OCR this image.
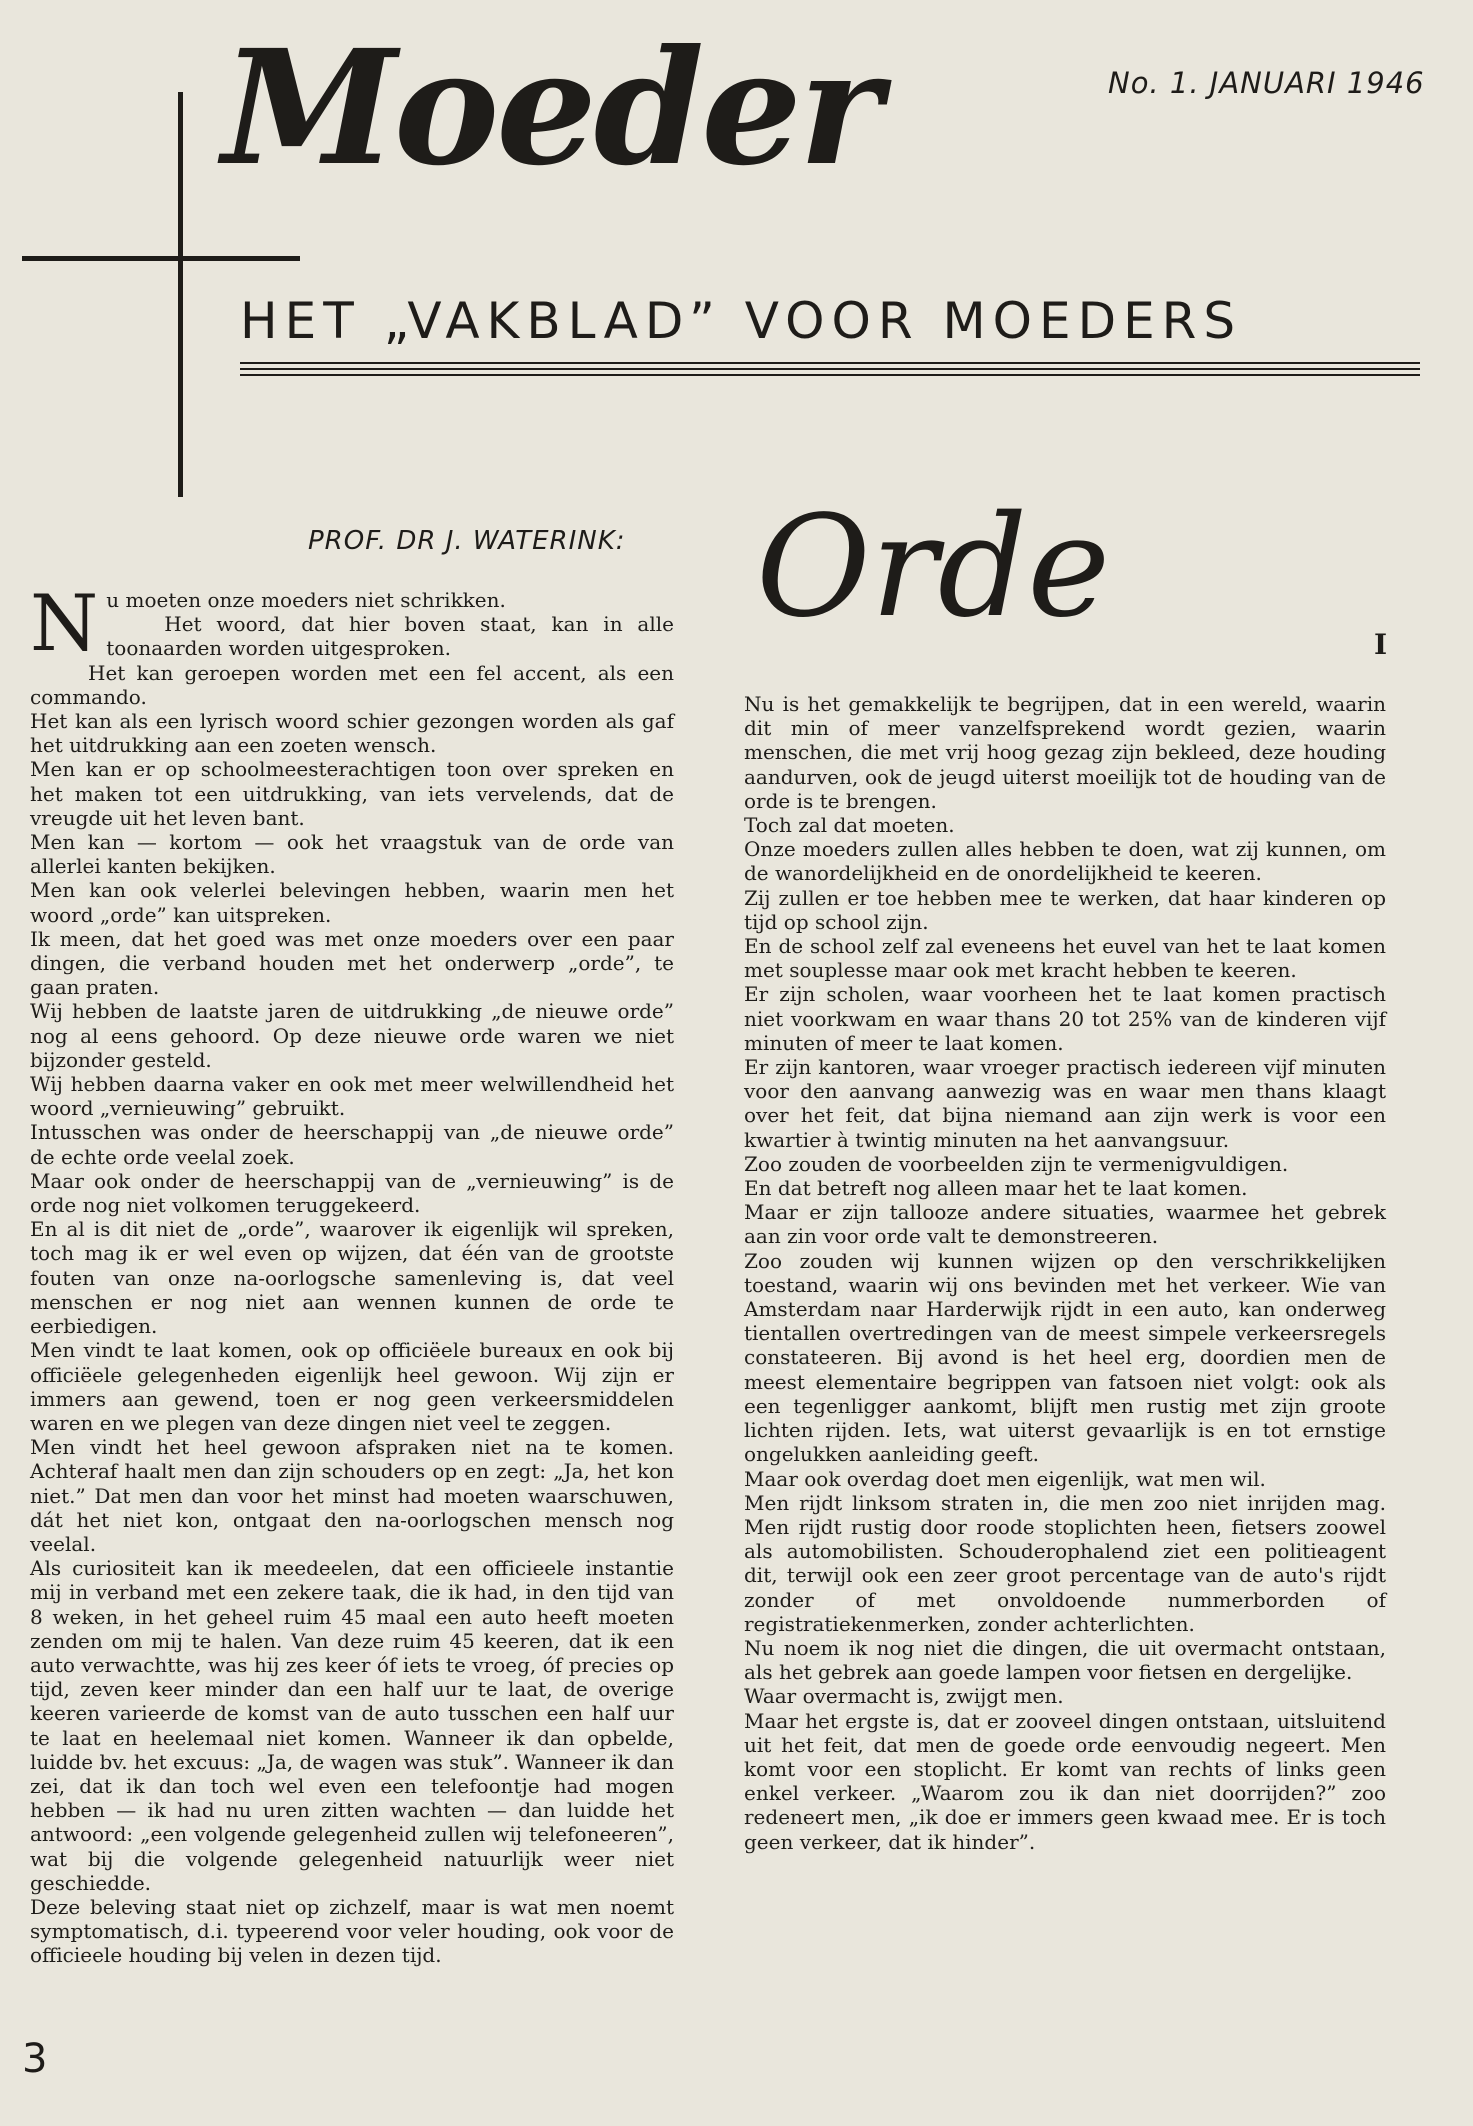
Moeder	No. 1. JANUARI 1946
HET „VAKBLAD” VOOR MOEDERS
PROF. DR J. WATERINK: Orde	I
N u moeten onze moeders niet schrikken.

Het woord, dat hier boven staat, kan in alle toonaarden worden uitgesproken.

Het kan geroepen worden met een fel accent, als een commando.

Het kan als een lyrisch woord schier gezongen worden als gaf het uitdrukking aan een zoeten wensch.

Men kan er op schoolmeesterachtigen toon over spreken en het maken tot een uitdrukking, van iets vervelends, dat de vreugde uit het leven bant.

Men kan — kortom — ook het vraagstuk van de orde van allerlei kanten bekijken.

Men kan ook velerlei belevingen hebben, waarin men het woord „orde” kan uitspreken.

Ik meen, dat het goed was met onze moeders over een paar dingen, die verband houden met het onderwerp „orde”, te gaan praten.

Wij hebben de laatste jaren de uitdrukking „de nieuwe orde” nog al eens gehoord. Op deze nieuwe orde waren we niet bijzonder gesteld.

Wij hebben daarna vaker en ook met meer welwillendheid het woord „vernieuwing” gebruikt.

Intusschen was onder de heerschappij van „de nieuwe orde” de echte orde veelal zoek.

Maar ook onder de heerschappij van de „vernieuwing” is de orde nog niet volkomen teruggekeerd.

En al is dit niet de „orde”, waarover ik eigenlijk wil spreken, toch mag ik er wel even op wijzen, dat één van de grootste fouten van onze na-oorlogsche samenleving is, dat veel menschen er nog niet aan wennen kunnen de orde te eerbiedigen.

Men vindt te laat komen, ook op officiëele bureaux en ook bij officiëele gelegenheden eigenlijk heel gewoon. Wij zijn er immers aan gewend, toen er nog geen verkeersmiddelen waren en we plegen van deze dingen niet veel te zeggen.

Men vindt het heel gewoon afspraken niet na te komen. Achteraf haalt men dan zijn schouders op en zegt: „Ja, het kon niet.” Dat men dan voor het minst had moeten waarschuwen, dát het niet kon, ontgaat den na-oorlogschen mensch nog veelal.

Als curiositeit kan ik meedeelen, dat een officieele instantie mij in verband met een zekere taak, die ik had, in den tijd van 8 weken, in het geheel ruim 45 maal een auto heeft moeten zenden om mij te halen. Van deze ruim 45 keeren, dat ik een auto verwachtte, was hij zes keer óf iets te vroeg, óf precies op tijd, zeven keer minder dan een half uur te laat, de overige keeren varieerde de komst van de auto tusschen een half uur te laat en heelemaal niet komen. Wanneer ik dan opbelde, luidde bv. het excuus: „Ja, de wagen was stuk”. Wanneer ik dan zei, dat ik dan toch wel even een telefoontje had mogen hebben — ik had nu uren zitten wachten — dan luidde het antwoord: „een volgende gelegenheid zullen wij telefoneeren”, wat bij die volgende gelegenheid natuurlijk weer niet geschiedde.

Deze beleving staat niet op zichzelf, maar is wat men noemt symptomatisch, d.i. typeerend voor veler houding, ook voor de officieele houding bij velen in dezen tijd.

Nu is het gemakkelijk te begrijpen, dat in een wereld, waarin dit min of meer vanzelfsprekend wordt gezien, waarin menschen, die met vrij hoog gezag zijn bekleed, deze houding aandurven, ook de jeugd uiterst moeilijk tot de houding van de orde is te brengen.

Toch zal dat moeten.

Onze moeders zullen alles hebben te doen, wat zij kunnen, om de wanordelijkheid en de onordelijkheid te keeren.

Zij zullen er toe hebben mee te werken, dat haar kinderen op tijd op school zijn.

En de school zelf zal eveneens het euvel van het te laat komen met souplesse maar ook met kracht hebben te keeren.

Er zijn scholen, waar voorheen het te laat komen practisch niet voorkwam en waar thans 20 tot 25% van de kinderen vijf minuten of meer te laat komen.

Er zijn kantoren, waar vroeger practisch iedereen vijf minuten voor den aanvang aanwezig was en waar men thans klaagt over het feit, dat bijna niemand aan zijn werk is voor een kwartier à twintig minuten na het aanvangsuur.

Zoo zouden de voorbeelden zijn te vermenigvuldigen.

En dat betreft nog alleen maar het te laat komen.

Maar er zijn tallooze andere situaties, waarmee het gebrek aan zin voor orde valt te demonstreeren.

Zoo zouden wij kunnen wijzen op den verschrikkelijken toestand, waarin wij ons bevinden met het verkeer. Wie van Amsterdam naar Harderwijk rijdt in een auto, kan onderweg tientallen overtredingen van de meest simpele verkeersregels constateeren. Bij avond is het heel erg, doordien men de meest elementaire begrippen van fatsoen niet volgt: ook als een tegenligger aankomt, blijft men rustig met zijn groote lichten rijden. Iets, wat uiterst gevaarlijk is en tot ernstige ongelukken aanleiding geeft.

Maar ook overdag doet men eigenlijk, wat men wil.

Men rijdt linksom straten in, die men zoo niet inrijden mag. Men rijdt rustig door roode stoplichten heen, fietsers zoowel als automobilisten. Schouderophalend ziet een politieagent dit, terwijl ook een zeer groot percentage van de auto's rijdt zonder of met onvoldoende nummerborden of registratiekenmerken, zonder achterlichten.

Nu noem ik nog niet die dingen, die uit overmacht ontstaan, als het gebrek aan goede lampen voor fietsen en dergelijke.

Waar overmacht is, zwijgt men.

Maar het ergste is, dat er zooveel dingen ontstaan, uitsluitend uit het feit, dat men de goede orde eenvoudig negeert. Men komt voor een stoplicht. Er komt van rechts of links geen enkel verkeer. „Waarom zou ik dan niet doorrijden?” zoo redeneert men, „ik doe er immers geen kwaad mee. Er is toch geen verkeer, dat ik hinder”.

3
